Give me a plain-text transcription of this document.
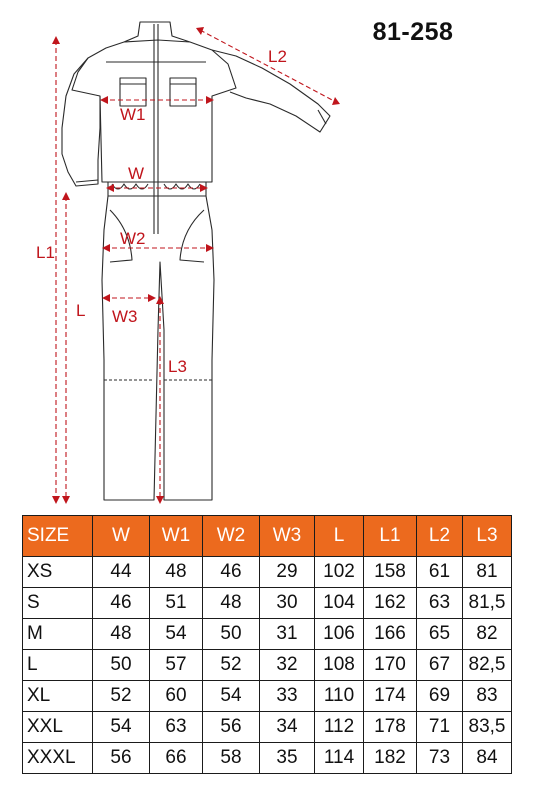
81-258
L2
W1
W
W2
L1
L W3
L3
SIZE	W	W1	W2	W3	L	L1	L2	L3
XS	44	48	46	29	102	158	61	81
S	46	51	48	30	104	162	63	81,5
M	48	54	50	31	106	166	65	82
L	50	57	52	32	108	170	67	82,5
XL	52	60	54	33	110	174	69	83
XXL	54	63	56	34	112	178	71	83,5
XXXL	56	66	58	35	114	182	73	84
